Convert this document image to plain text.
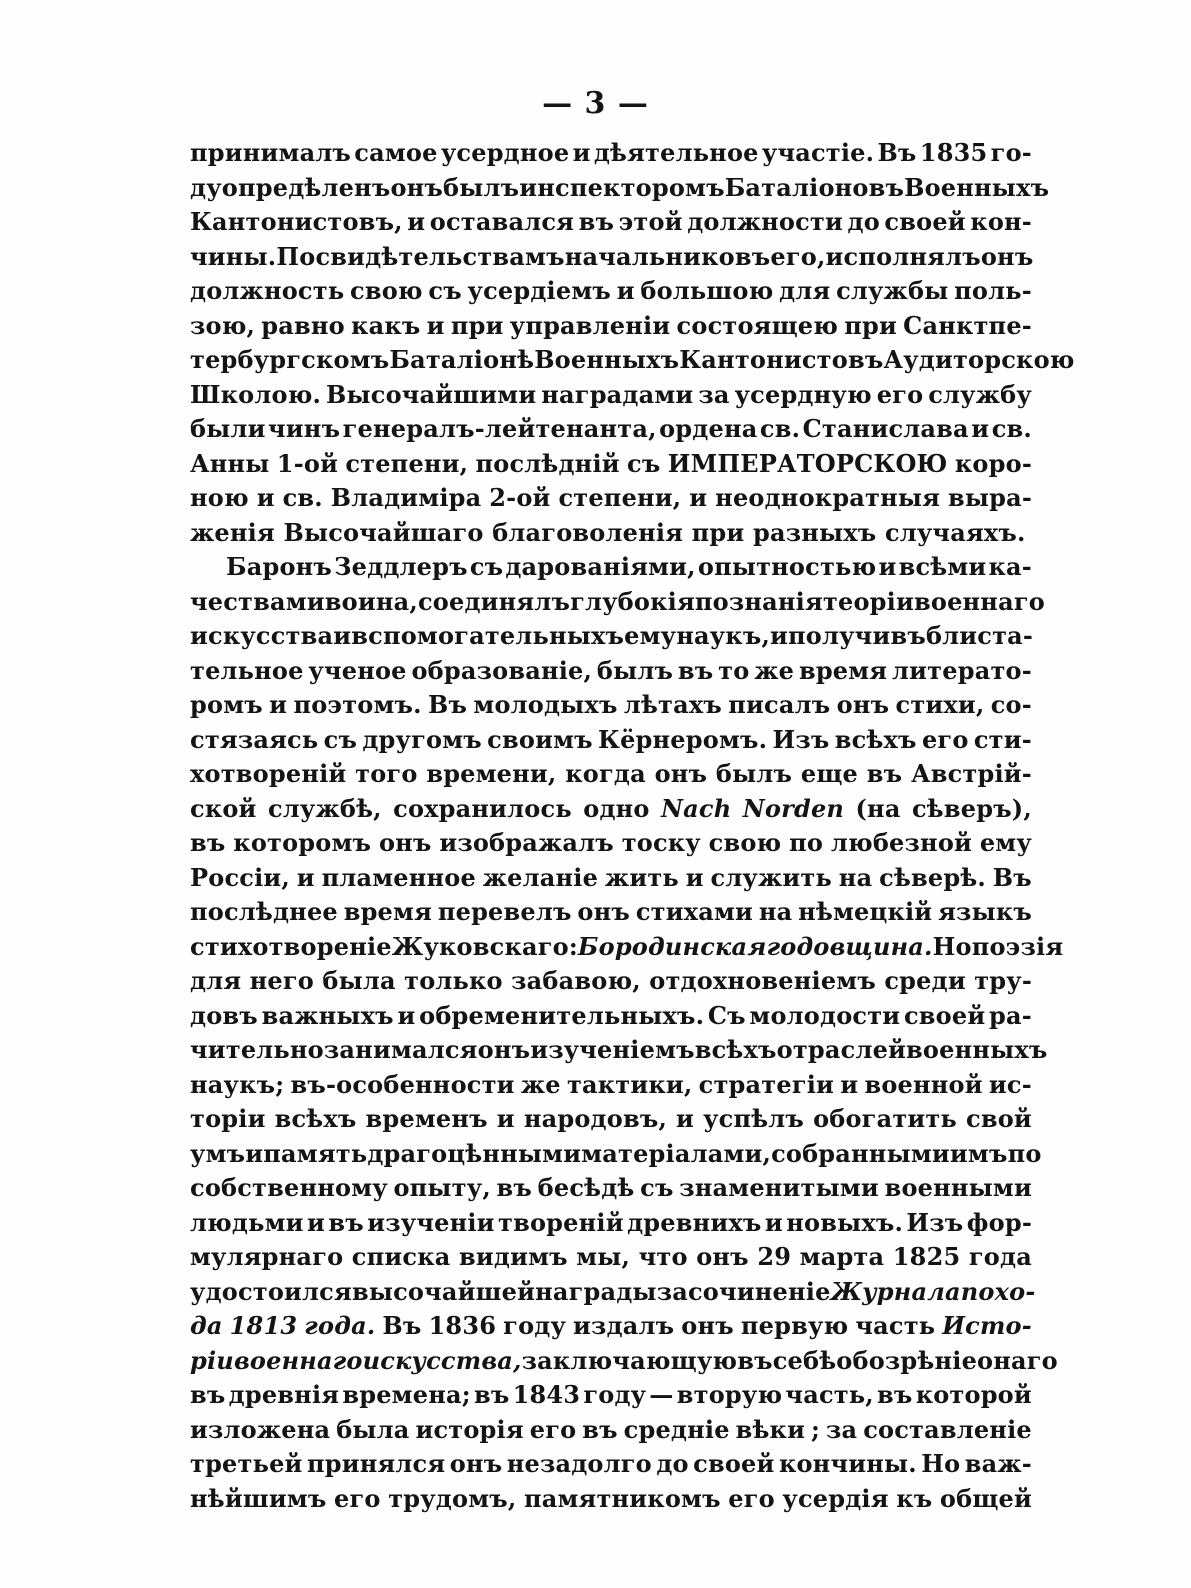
— 3 —
принималъ самое усердное и дѣятельное участіе. Въ 1835 го-
ду опредѣленъ онъ былъ инспекторомъ Баталіоновъ Военныхъ
Кантонистовъ, и оставался въ этой должности до своей кон-
чины. По свидѣтельствамъ начальниковъ его, исполнялъ онъ
должность свою съ усердіемъ и большою для службы поль-
зою, равно какъ и при управленіи состоящею при Санктпе-
тербургскомъ Баталіонѣ Военныхъ Кантонистовъ Аудиторскою
Школою. Высочайшими наградами за усердную его службу
были чинъ генералъ-лейтенанта, ордена св. Станислава и св.
Анны 1-ой степени, послѣдній съ ИМПЕРАТОРСКОЮ коро-
ною и св. Владиміра 2-ой степени, и неоднократныя выра-
женія
Высочайшаго
благоволенія
при
разныхъ
случаяхъ.

Баронъ Зеддлеръ съ дарованіями, опытностью и всѣми ка-
чествами воина, соединялъ глубокія познанія теоріи военнаго
искусства и вспомогательныхъ ему наукъ, и получивъ блиста-
тельное ученое образованіе, былъ въ то же время литерато-
ромъ и поэтомъ. Въ молодыхъ лѣтахъ писалъ онъ стихи, со-
стязаясь съ другомъ своимъ Кёрнеромъ. Изъ всѣхъ его сти-
хотвореній того времени, когда онъ былъ еще въ Австрій-
ской службѣ, сохранилось одно Nach Norden (на сѣверъ),
въ которомъ онъ изображалъ тоску свою по любезной ему
Россіи, и пламенное желаніе жить и служить на сѣверѣ. Въ
послѣднее время перевелъ онъ стихами на нѣмецкій языкъ
стихотвореніе Жуковскаго: Бородинская годовщина. Но поэзія
для него была только забавою, отдохновеніемъ среди тру-
довъ важныхъ и обременительныхъ. Съ молодости своей ра-
чительно занимался онъ изученіемъ всѣхъ отраслей военныхъ
наукъ; въ-особенности же тактики, стратегіи и военной ис-
торіи всѣхъ временъ и народовъ, и успѣлъ обогатить свой
умъ и память драгоцѣнными матеріалами, собранными имъ по
собственному опыту, въ бесѣдѣ съ знаменитыми военными
людьми и въ изученіи твореній древнихъ и новыхъ. Изъ фор-
мулярнаго списка видимъ мы, что онъ 29 марта 1825 года
удостоился высочайшей награды за сочиненіе Журнала похо-
да 1813 года. Въ 1836 году издалъ онъ первую часть Исто-
ріи военнаго искусства, заключающую въ себѣ обозрѣніе онаго
въ древнія времена; въ 1843 году — вторую часть, въ которой
изложена была исторія его въ средніе вѣки ; за составленіе
третьей принялся онъ незадолго до своей кончины. Но важ-
нѣйшимъ его трудомъ, памятникомъ его усердія къ общей
